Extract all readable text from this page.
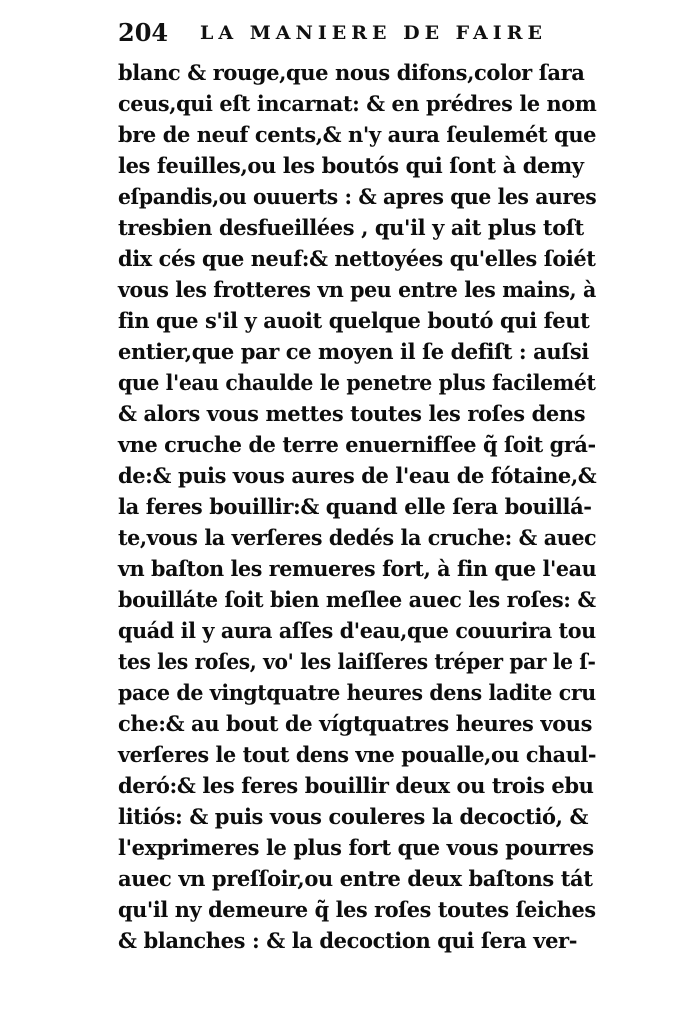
204 LA MANIERE DE FAIRE
blanc & rouge,que nous difons,color ſara
ceus,qui eſt incarnat: & en prédres le nom
bre de neuf cents,& n'y aura ſeulemét que
les feuilles,ou les boutós qui ſont à demy
eſpandis,ou ouuerts : & apres que les aures
tresbien desfueillées , qu'il y ait plus toſt
dix cés que neuf:& nettoyées qu'elles ſoiét
vous les frotteres vn peu entre les mains, à
fin que s'il y auoit quelque boutó qui feut
entier,que par ce moyen il ſe defiſt : auſsi
que l'eau chaulde le penetre plus facilemét
& alors vous mettes toutes les roſes dens
vne cruche de terre enuernifſee q̃ ſoit grá-
de:& puis vous aures de l'eau de fótaine,&
la feres bouillir:& quand elle ſera bouillá-
te,vous la verſeres dedés la cruche: & auec
vn baſton les remueres fort, à fin que l'eau
bouilláte ſoit bien meſlee auec les roſes: &
quád il y aura aſſes d'eau,que couurira tou
tes les roſes, vo' les laiſſeres tréper par le ſ-
pace de vingtquatre heures dens ladite cru
che:& au bout de vígtquatres heures vous
verſeres le tout dens vne poualle,ou chaul-
deró:& les feres bouillir deux ou trois ebu
litiós: & puis vous couleres la decoctió, &
l'exprimeres le plus fort que vous pourres
auec vn preſſoir,ou entre deux baſtons tát
qu'il ny demeure q̃ les roſes toutes ſeiches
& blanches : & la decoction qui ſera ver-
